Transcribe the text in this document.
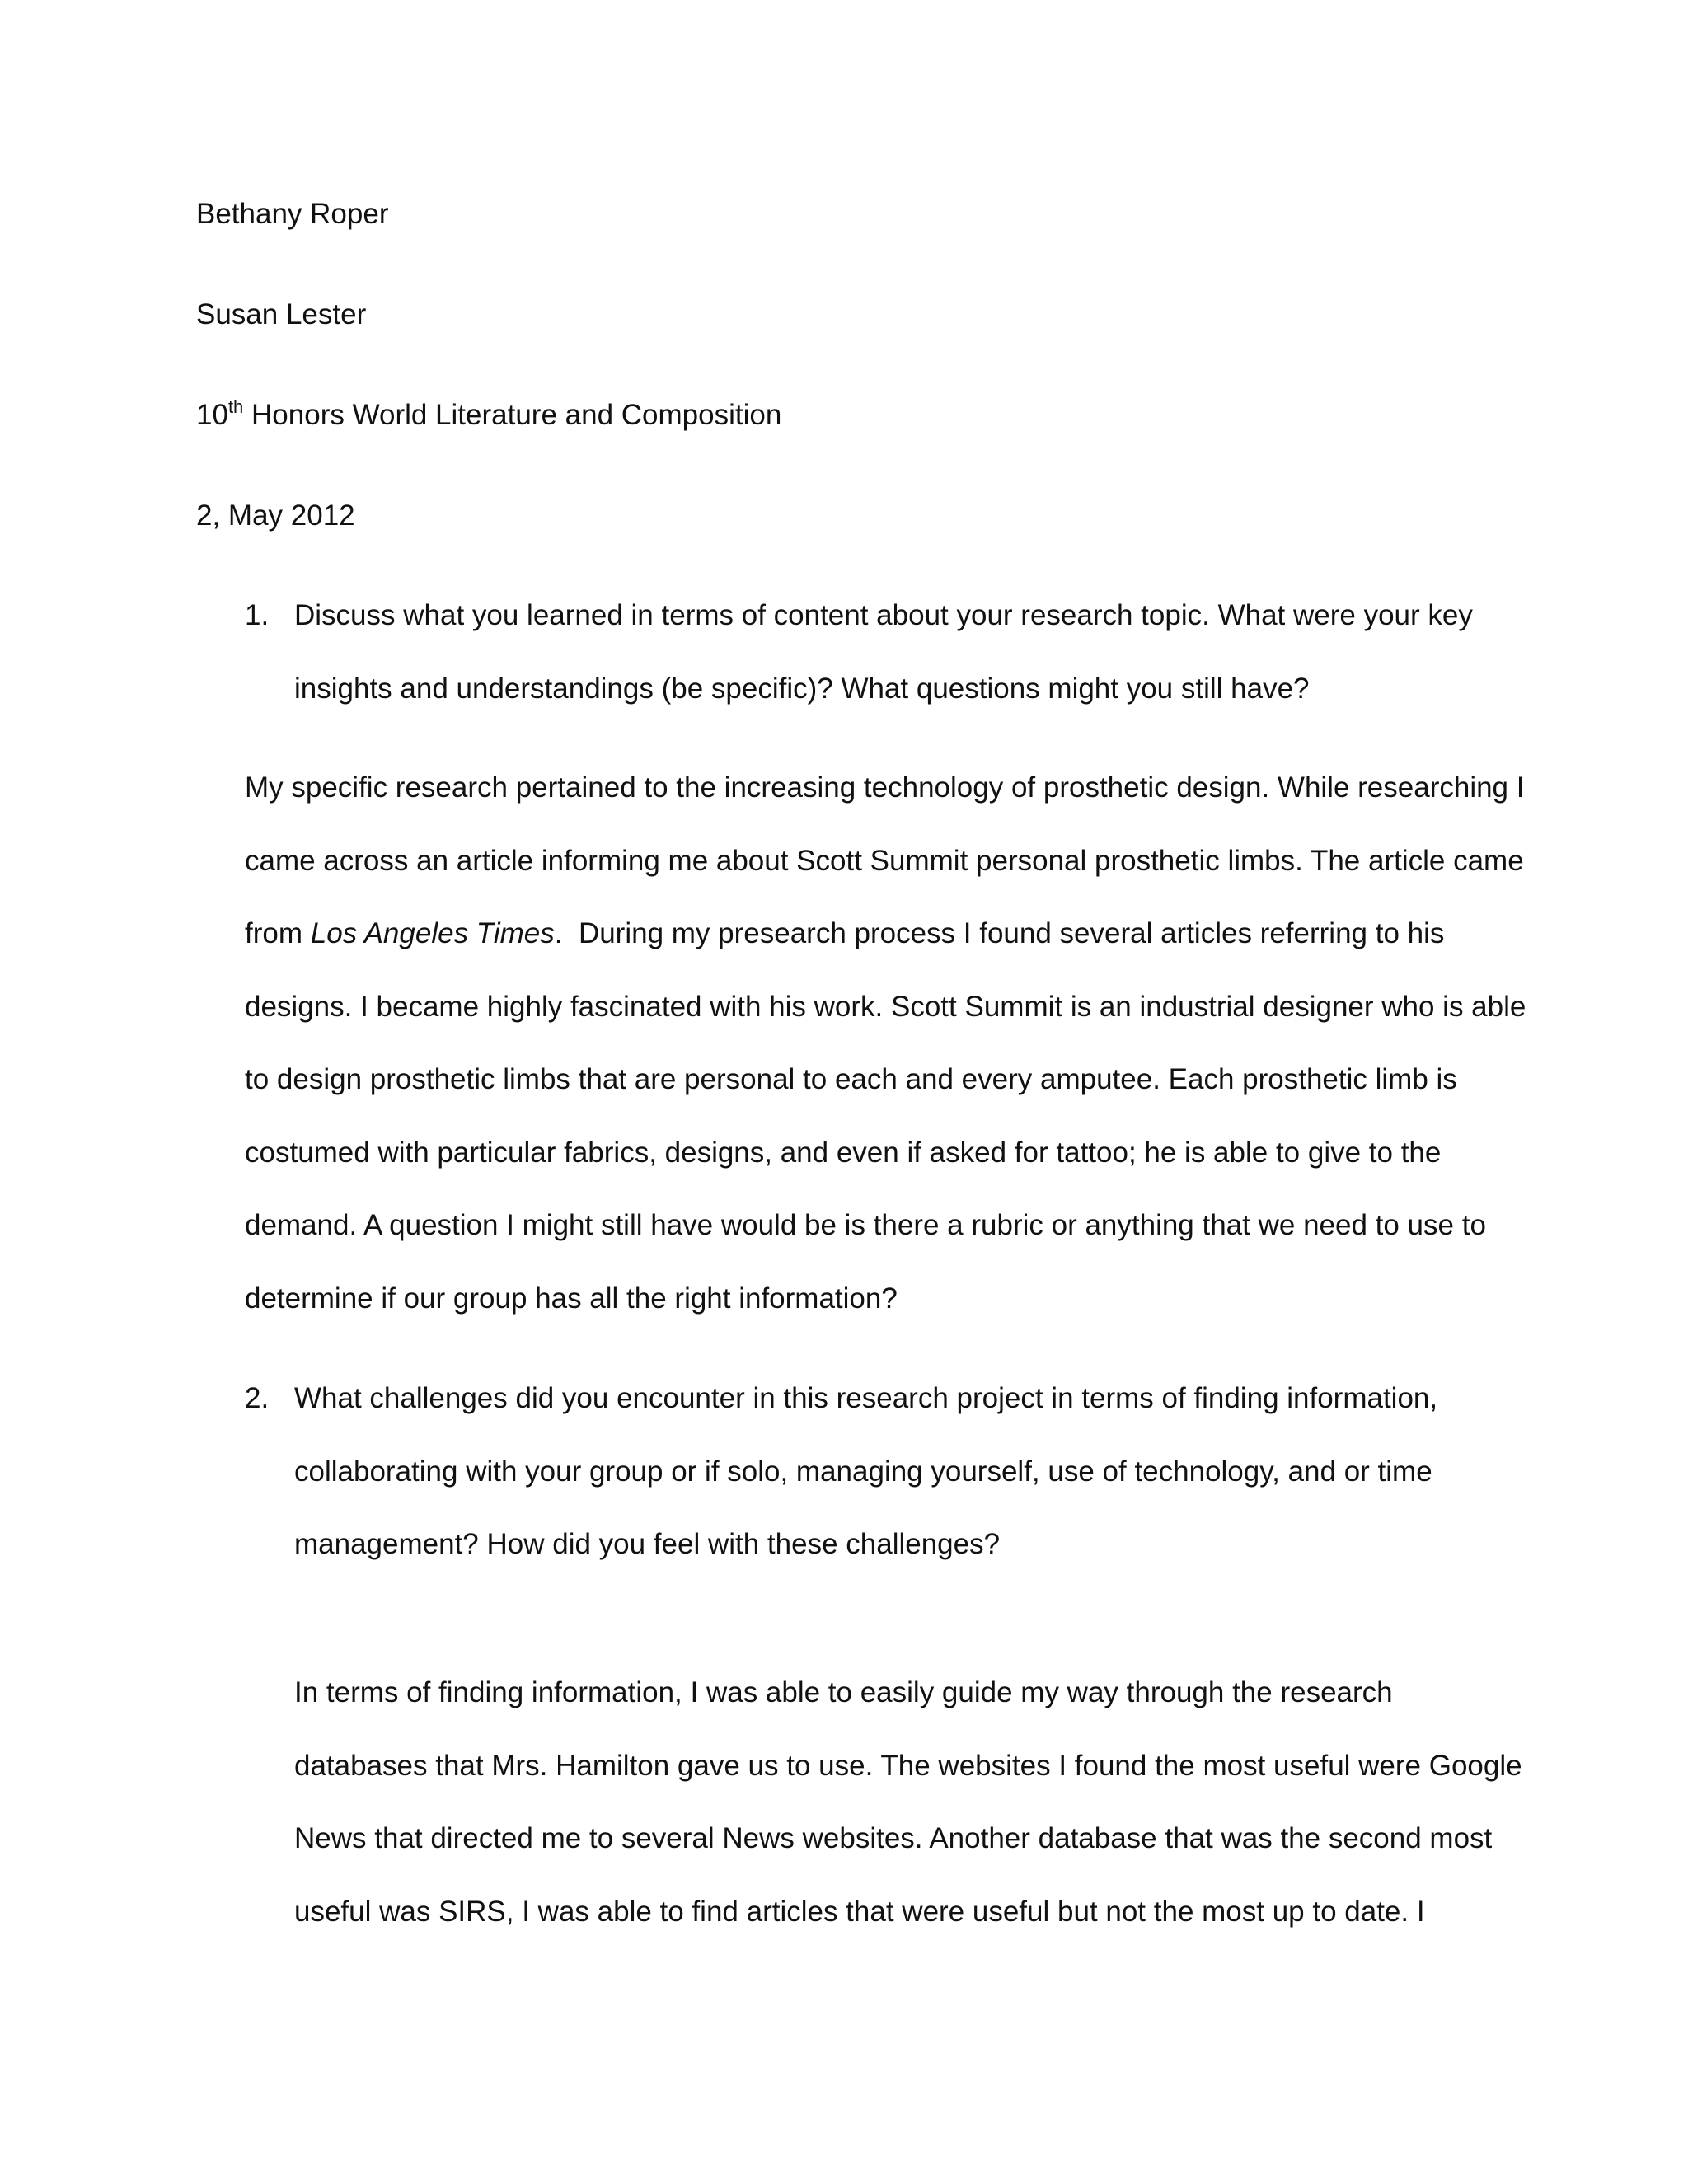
Bethany Roper
Susan Lester
10th Honors World Literature and Composition
2, May 2012
1. Discuss what you learned in terms of content about your research topic. What were your key
insights and understandings (be specific)? What questions might you still have?
My specific research pertained to the increasing technology of prosthetic design. While researching I
came across an article informing me about Scott Summit personal prosthetic limbs. The article came
from Los Angeles Times.  During my presearch process I found several articles referring to his
designs. I became highly fascinated with his work. Scott Summit is an industrial designer who is able
to design prosthetic limbs that are personal to each and every amputee. Each prosthetic limb is
costumed with particular fabrics, designs, and even if asked for tattoo; he is able to give to the
demand. A question I might still have would be is there a rubric or anything that we need to use to
determine if our group has all the right information?
2. What challenges did you encounter in this research project in terms of finding information,
collaborating with your group or if solo, managing yourself, use of technology, and or time
management? How did you feel with these challenges?
In terms of finding information, I was able to easily guide my way through the research
databases that Mrs. Hamilton gave us to use. The websites I found the most useful were Google
News that directed me to several News websites. Another database that was the second most
useful was SIRS, I was able to find articles that were useful but not the most up to date. I
